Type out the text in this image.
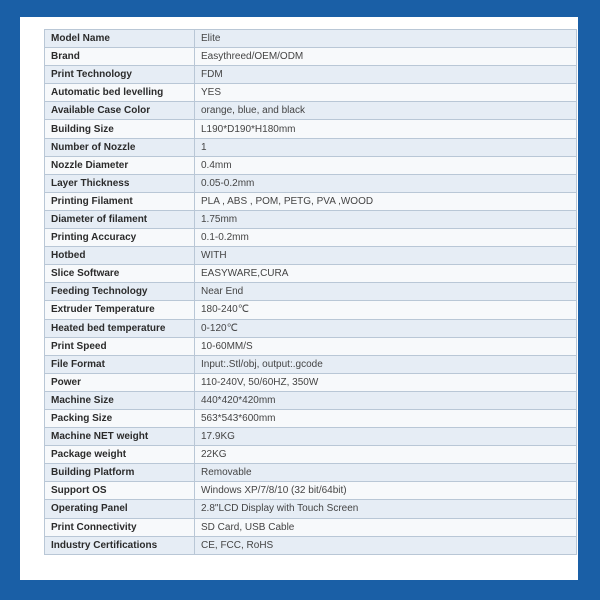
Model Name	Elite
Brand	Easythreed/OEM/ODM
Print Technology	FDM
Automatic bed levelling	YES
Available Case Color	orange, blue, and black
Building Size	L190*D190*H180mm
Number of Nozzle	1
Nozzle Diameter	0.4mm
Layer Thickness	0.05-0.2mm
Printing Filament	PLA , ABS , POM, PETG, PVA ,WOOD
Diameter of filament	1.75mm
Printing Accuracy	0.1-0.2mm
Hotbed	WITH
Slice Software	EASYWARE,CURA
Feeding Technology	Near End
Extruder Temperature	180-240℃
Heated bed temperature	0-120℃
Print Speed	10-60MM/S
File Format	Input:.Stl/obj, output:.gcode
Power	110-240V, 50/60HZ, 350W
Machine Size	440*420*420mm
Packing Size	563*543*600mm
Machine NET weight	17.9KG
Package weight	22KG
Building Platform	Removable
Support OS	Windows XP/7/8/10 (32 bit/64bit)
Operating Panel	2.8"LCD Display with Touch Screen
Print Connectivity	SD Card, USB Cable
Industry Certifications	CE, FCC, RoHS
